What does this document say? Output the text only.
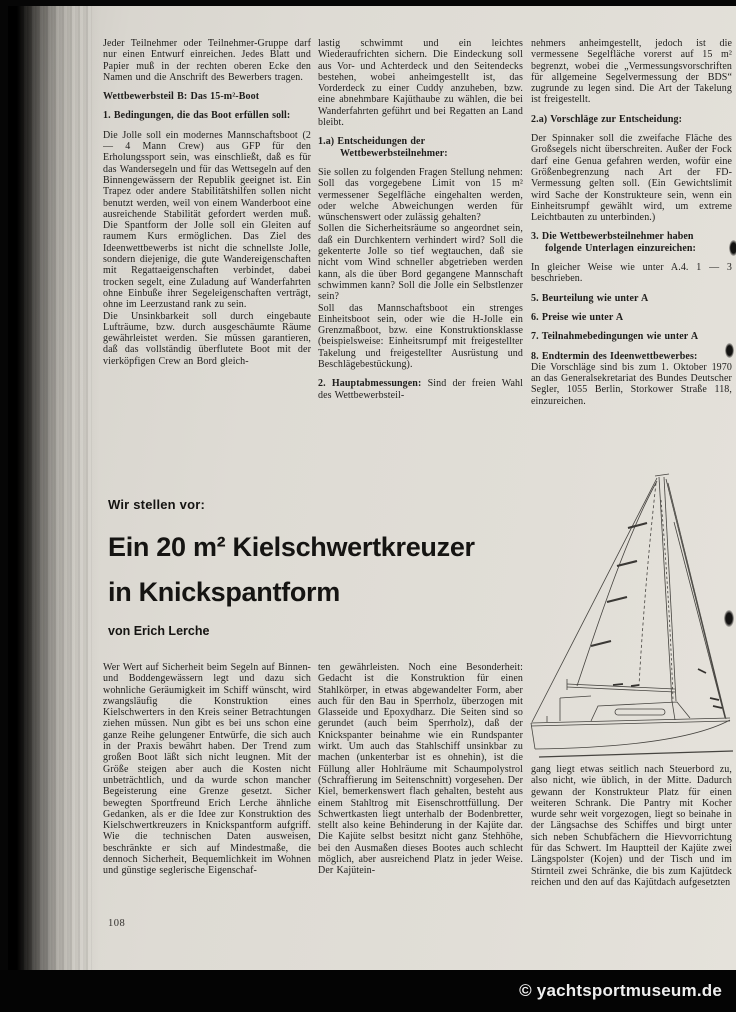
Jeder Teilnehmer oder Teilnehmer-Gruppe darf nur einen Entwurf einreichen. Jedes Blatt und Papier muß in der rechten oberen Ecke den Namen und die Anschrift des Bewerbers tragen.

Wettbewerbsteil B: Das 15-m²-Boot

1. Bedingungen, die das Boot erfüllen soll:

Die Jolle soll ein modernes Mannschaftsboot (2 — 4 Mann Crew) aus GFP für den Erholungssport sein, was einschließt, daß es für das Wandersegeln und für das Wettsegeln auf den Binnengewässern der Republik geeignet ist. Ein Trapez oder andere Stabilitätshilfen sollen nicht benutzt werden, weil von einem Wanderboot eine ausreichende Stabilität gefordert werden muß. Die Spantform der Jolle soll ein Gleiten auf raumem Kurs ermöglichen. Das Ziel des Ideenwettbewerbs ist nicht die schnellste Jolle, sondern diejenige, die gute Wandereigenschaften mit Regattaeigenschaften verbindet, dabei trocken segelt, eine Zuladung auf Wanderfahrten ohne Einbuße ihrer Segeleigenschaften verträgt, ohne im Leerzustand rank zu sein.

Die Unsinkbarkeit soll durch eingebaute Lufträume, bzw. durch ausgeschäumte Räume gewährleistet werden. Sie müssen garantieren, daß das vollständig überflutete Boot mit der vierköpfigen Crew an Bord gleich-

lastig schwimmt und ein leichtes Wiederaufrichten sichern. Die Eindeckung soll aus Vor- und Achterdeck und den Seitendecks bestehen, wobei anheimgestellt ist, das Vorderdeck zu einer Cuddy anzuheben, bzw. eine abnehmbare Kajüthaube zu wählen, die bei Wanderfahrten geführt und bei Regatten an Land bleibt.

1.a) Entscheidungen der Wettbewerbsteilnehmer:

Sie sollen zu folgenden Fragen Stellung nehmen:

Soll das vorgegebene Limit von 15 m² vermessener Segelfläche eingehalten werden, oder welche Abweichungen werden für wünschenswert oder zulässig gehalten?

Sollen die Sicherheitsräume so angeordnet sein, daß ein Durchkentern verhindert wird? Soll die gekenterte Jolle so tief wegtauchen, daß sie nicht vom Wind schneller abgetrieben werden kann, als die über Bord gegangene Mannschaft schwimmen kann? Soll die Jolle ein Selbstlenzer sein?

Soll das Mannschaftsboot ein strenges Einheitsboot sein, oder wie die H-Jolle ein Grenzmaßboot, bzw. eine Konstruktionsklasse (beispielsweise: Einheitsrumpf mit freigestellter Takelung und freigestellter Ausrüstung und Beschlägebestückung).

2. Hauptabmessungen: Sind der freien Wahl des Wettbewerbsteil-

nehmers anheimgestellt, jedoch ist die vermessene Segelfläche vorerst auf 15 m² begrenzt, wobei die „Vermessungsvorschriften für allgemeine Segelvermessung der BDS“ zugrunde zu legen sind. Die Art der Takelung ist freigestellt.

2.a) Vorschläge zur Entscheidung:

Der Spinnaker soll die zweifache Fläche des Großsegels nicht überschreiten. Außer der Fock darf eine Genua gefahren werden, wofür eine Größenbegrenzung nach Art der FD-Vermessung gelten soll. (Ein Gewichtslimit wird Sache der Konstrukteure sein, wenn ein Einheitsrumpf gewählt wird, um extreme Leichtbauten zu unterbinden.)

3. Die Wettbewerbsteilnehmer haben folgende Unterlagen einzureichen:

In gleicher Weise wie unter A.4. 1 — 3 beschrieben.

5. Beurteilung wie unter A

6. Preise wie unter A

7. Teilnahmebedingungen wie unter A

8. Endtermin des Ideenwettbewerbes:

Die Vorschläge sind bis zum 1. Oktober 1970 an das Generalsekretariat des Bundes Deutscher Segler, 1055 Berlin, Storkower Straße 118, einzureichen.

Wir stellen vor:
Ein 20 m² Kielschwertkreuzer
in Knickspantform
von Erich Lerche

Wer Wert auf Sicherheit beim Segeln auf Binnen- und Boddengewässern legt und dazu sich wohnliche Geräumigkeit im Schiff wünscht, wird zwangsläufig die Konstruktion eines Kielschwerters in den Kreis seiner Betrachtungen ziehen müssen. Nun gibt es bei uns schon eine ganze Reihe gelungener Entwürfe, die sich auch in der Praxis bewährt haben. Der Trend zum großen Boot läßt sich nicht leugnen. Mit der Größe steigen aber auch die Kosten nicht unbeträchtlich, und da wurde schon mancher Begeisterung eine Grenze gesetzt. Sicher bewegten Sportfreund Erich Lerche ähnliche Gedanken, als er die Idee zur Konstruktion des Kielschwertkreuzers in Knickspantform aufgriff. Wie die technischen Daten ausweisen, beschränkte er sich auf Mindestmaße, die dennoch Sicherheit, Bequemlichkeit im Wohnen und günstige seglerische Eigenschaf-

ten gewährleisten. Noch eine Besonderheit: Gedacht ist die Konstruktion für einen Stahlkörper, in etwas abgewandelter Form, aber auch für den Bau in Sperrholz, überzogen mit Glasseide und Epoxydharz. Die Seiten sind so gerundet (auch beim Sperrholz), daß der Knickspanter beinahme wie ein Rundspanter wirkt. Um auch das Stahlschiff unsinkbar zu machen (unkenterbar ist es ohnehin), ist die Füllung aller Hohlräume mit Schaumpolystrol (Schraffierung im Seitenschnitt) vorgesehen. Der Kiel, bemerkenswert flach gehalten, besteht aus einem Stahltrog mit Eisenschrottfüllung. Der Schwertkasten liegt unterhalb der Bodenbretter, stellt also keine Behinderung in der Kajüte dar. Die Kajüte selbst besitzt nicht ganz Stehhöhe, bei den Ausmaßen dieses Bootes auch schlecht möglich, aber ausreichend Platz in jeder Weise. Der Kajütein-

gang liegt etwas seitlich nach Steuerbord zu, also nicht, wie üblich, in der Mitte. Dadurch gewann der Konstrukteur Platz für einen weiteren Schrank. Die Pantry mit Kocher wurde sehr weit vorgezogen, liegt so beinahe in der Längsachse des Schiffes und birgt unter sich neben Schubfächern die Hievvorrichtung für das Schwert. Im Hauptteil der Kajüte zwei Längspolster (Kojen) und der Tisch und im Stirnteil zwei Schränke, die bis zum Kajütdeck reichen und den auf das Kajütdach aufgesetzten

108
© yachtsportmuseum.de
